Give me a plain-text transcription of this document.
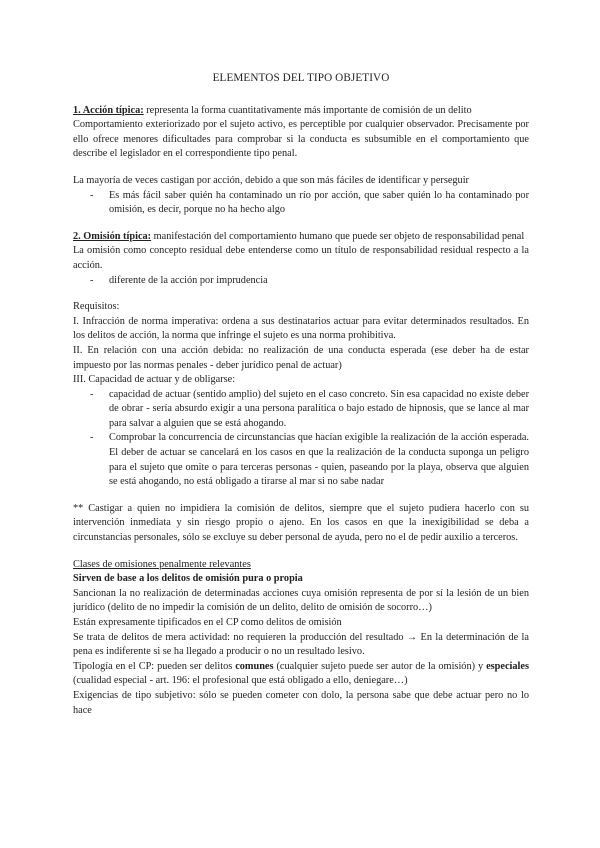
ELEMENTOS DEL TIPO OBJETIVO

1. Acción típica: representa la forma cuantitativamente más importante de comisión de un delito

Comportamiento exteriorizado por el sujeto activo, es perceptible por cualquier observador. Precisamente por ello ofrece menores dificultades para comprobar si la conducta es subsumible en el comportamiento que describe el legislador en el correspondiente tipo penal.

La mayoría de veces castigan por acción, debido a que son más fáciles de identificar y perseguir

- Es más fácil saber quién ha contaminado un río por acción, que saber quién lo ha contaminado por omisión, es decir, porque no ha hecho algo

2. Omisión típica: manifestación del comportamiento humano que puede ser objeto de responsabilidad penal

La omisión como concepto residual debe entenderse como un título de responsabilidad residual respecto a la acción.

- diferente de la acción por imprudencia

Requisitos:

I. Infracción de norma imperativa: ordena a sus destinatarios actuar para evitar determinados resultados. En los delitos de acción, la norma que infringe el sujeto es una norma prohibitiva.

II. En relación con una acción debida: no realización de una conducta esperada (ese deber ha de estar impuesto por las normas penales - deber jurídico penal de actuar)

III. Capacidad de actuar y de obligarse:

- capacidad de actuar (sentido amplio) del sujeto en el caso concreto. Sin esa capacidad no existe deber de obrar - sería absurdo exigir a una persona paralítica o bajo estado de hipnosis, que se lance al mar para salvar a alguien que se está ahogando.
- Comprobar la concurrencia de circunstancias que hacían exigible la realización de la acción esperada. El deber de actuar se cancelará en los casos en que la realización de la conducta suponga un peligro para el sujeto que omite o para terceras personas - quien, paseando por la playa, observa que alguien se está ahogando, no está obligado a tirarse al mar si no sabe nadar

** Castigar a quien no impidiera la comisión de delitos, siempre que el sujeto pudiera hacerlo con su intervención inmediata y sin riesgo propio o ajeno. En los casos en que la inexigibilidad se deba a circunstancias personales, sólo se excluye su deber personal de ayuda, pero no el de pedir auxilio a terceros.

Clases de omisiones penalmente relevantes

Sirven de base a los delitos de omisión pura o propia

Sancionan la no realización de determinadas acciones cuya omisión representa de por sí la lesión de un bien jurídico (delito de no impedir la comisión de un delito, delito de omisión de socorro…)

Están expresamente tipificados en el CP como delitos de omisión

Se trata de delitos de mera actividad: no requieren la producción del resultado → En la determinación de la pena es indiferente si se ha llegado a producir o no un resultado lesivo.

Tipología en el CP: pueden ser delitos comunes (cualquier sujeto puede ser autor de la omisión) y especiales (cualidad especial - art. 196: el profesional que está obligado a ello, deniegare…)

Exigencias de tipo subjetivo: sólo se pueden cometer con dolo, la persona sabe que debe actuar pero no lo hace
